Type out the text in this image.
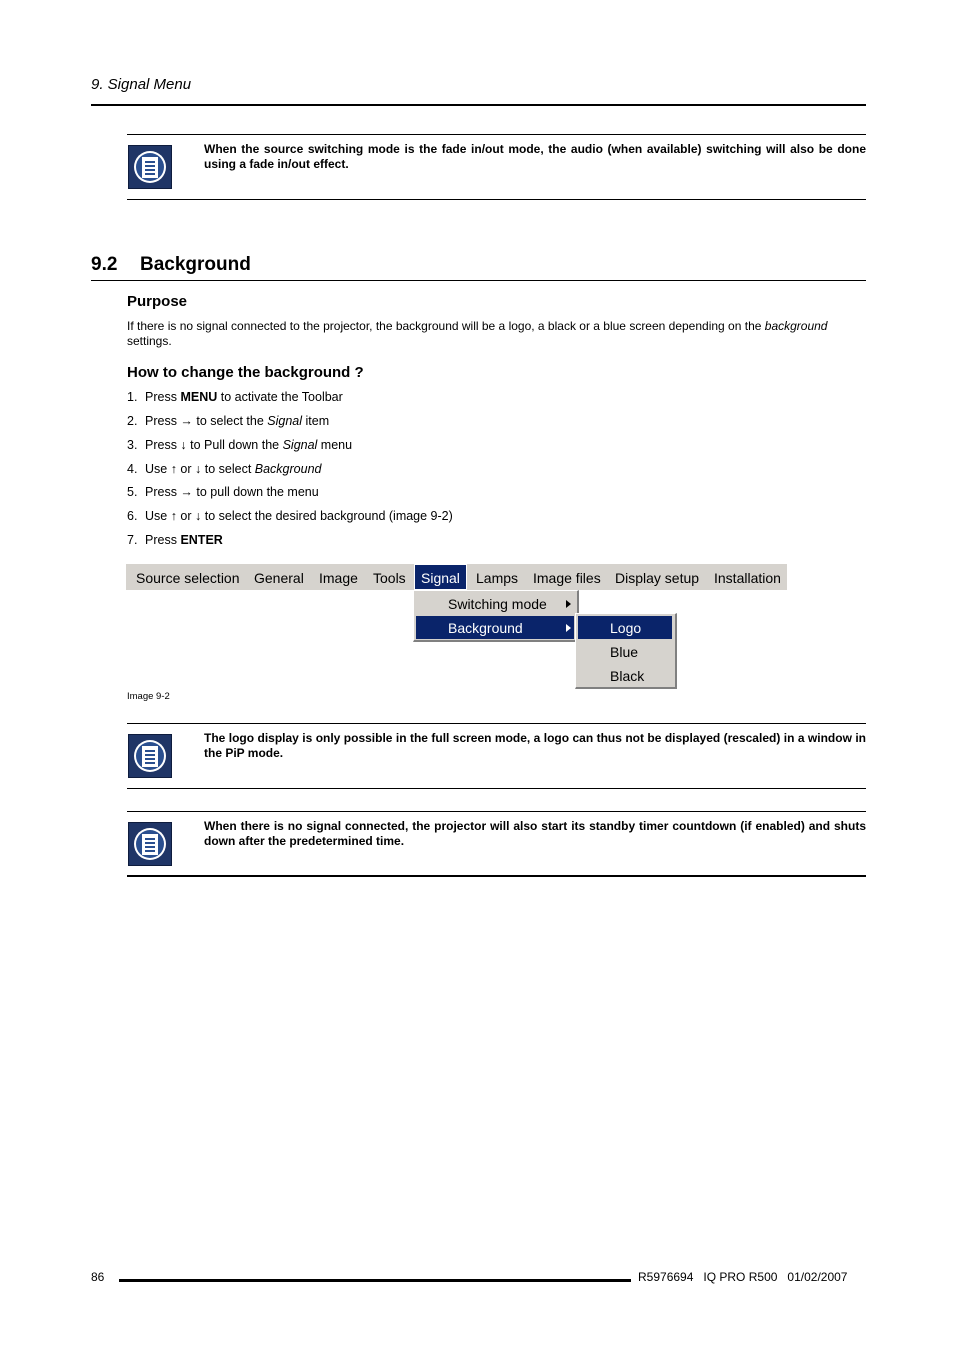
9. Signal Menu
When the source switching mode is the fade in/out mode, the audio (when available) switching will also be done using a fade in/out effect.
9.2 Background
Purpose
If there is no signal connected to the projector, the background will be a logo, a black or a blue screen depending on the background settings.
How to change the background ?
1. Press MENU to activate the Toolbar
2. Press → to select the Signal item
3. Press ↓ to Pull down the Signal menu
4. Use ↑ or ↓ to select Background
5. Press → to pull down the menu
6. Use ↑ or ↓ to select the desired background (image 9-2)
7. Press ENTER
Source selection General Image Tools	Signal	Lamps Image files Display setup Installation
Switching mode
Background	Logo
Blue
Black
Image 9-2
The logo display is only possible in the full screen mode, a logo can thus not be displayed (rescaled) in a window in the PiP mode.
When there is no signal connected, the projector will also start its standby timer countdown (if enabled) and shuts down after the predetermined time.
86	R5976694   IQ PRO R500   01/02/2007
